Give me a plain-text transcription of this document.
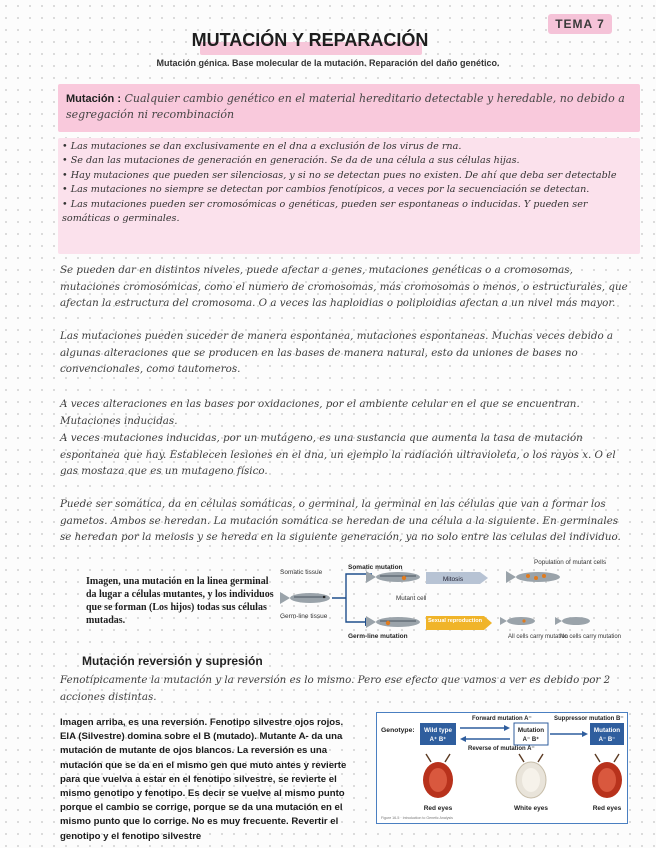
TEMA 7
MUTACIÓN Y REPARACIÓN
Mutación génica. Base molecular de la mutación. Reparación del daño genético.
Mutación : Cualquier cambio genético en el material hereditario detectable y heredable, no debido a segregación ni recombinación
• Las mutaciones se dan exclusivamente en el dna a exclusión de los virus de rna.
• Se dan las mutaciones de generación en generación. Se da de una célula a sus células hijas.
• Hay mutaciones que pueden ser silenciosas, y si no se detectan pues no existen. De ahí que deba ser detectable
• Las mutaciones no siempre se detectan por cambios fenotípicos, a veces por la secuenciación se detectan.
• Las mutaciones pueden ser cromosómicas o genéticas, pueden ser espontaneas o inducidas. Y pueden ser somáticas o germinales.

Se pueden dar en distintos niveles, puede afectar a genes, mutaciones genéticas o a cromosomas, mutaciones cromosómicas, como el numero de cromosomas, más cromosomas o menos, o estructurales, que afectan la estructura del cromosoma. O a veces las haploidias o poliploidias afectan a un nivel más mayor.

Las mutaciones pueden suceder de manera espontanea, mutaciones espontaneas. Muchas veces debido a algunas alteraciones que se producen en las bases de manera natural, esto da uniones de bases no convencionales, como tautomeros.

A veces alteraciones en las bases por oxidaciones, por el ambiente celular en el que se encuentran. Mutaciones inducidas.

A veces mutaciones inducidas, por un mutágeno, es una sustancia que aumenta la tasa de mutación espontanea que hay. Establecen lesiones en el dna, un ejemplo la radiación ultravioleta, o los rayos x. O el gas mostaza que es un mutageno físico.

Puede ser somática, da en células somáticas, o germinal, la germinal en las células que van a formar los gametos. Ambos se heredan. La mutación somática se heredan de una célula a la siguiente. En germinales se heredan por la meiosis y se hereda en la siguiente generación, ya no solo entre las celulas del individuo.

Imagen, una mutación en la linea germinal da lugar a células mutantes, y los individuos que se forman (Los hijos) todas sus células mutadas.
Somatic tissue
Germ-line tissue
Somatic mutation
Germ-line mutation
Mutant cell
Mitosis
Population of mutant cells
Sexual reproduction
All cells carry mutation
No cells carry mutation
Mutación reversión y supresión

Fenotípicamente la mutación y la reversión es lo mismo. Pero ese efecto que vamos a ver es debido por 2 acciones distintas.

Imagen arriba, es una reversión. Fenotipo silvestre ojos rojos. EIA (Silvestre) domina sobre el B (mutado). Mutante A- da una mutación de mutante de ojos blancos. La reversión es una mutación que se da en el mismo gen que muto antes y revierte para que vuelva a estar en el fenotipo silvestre, se revierte el mismo genotipo y fenotipo. Es decir se vuelve al mismo punto porque el cambio se corrige, porque se da una mutación en el mismo punto que lo corrige. No es muy frecuente. Revertir el genotipo y el fenotipo silvestre
Genotype: Wild type
A⁺ B⁺
Forward mutation A⁻
Reverse of mutation A⁻
Mutation
A⁻ B⁺
Suppressor mutation B⁻
Mutation
A⁻ B⁻
Red eyes	White eyes	Red eyes
Figure 16-5 · Introduction to Genetic Analysis
